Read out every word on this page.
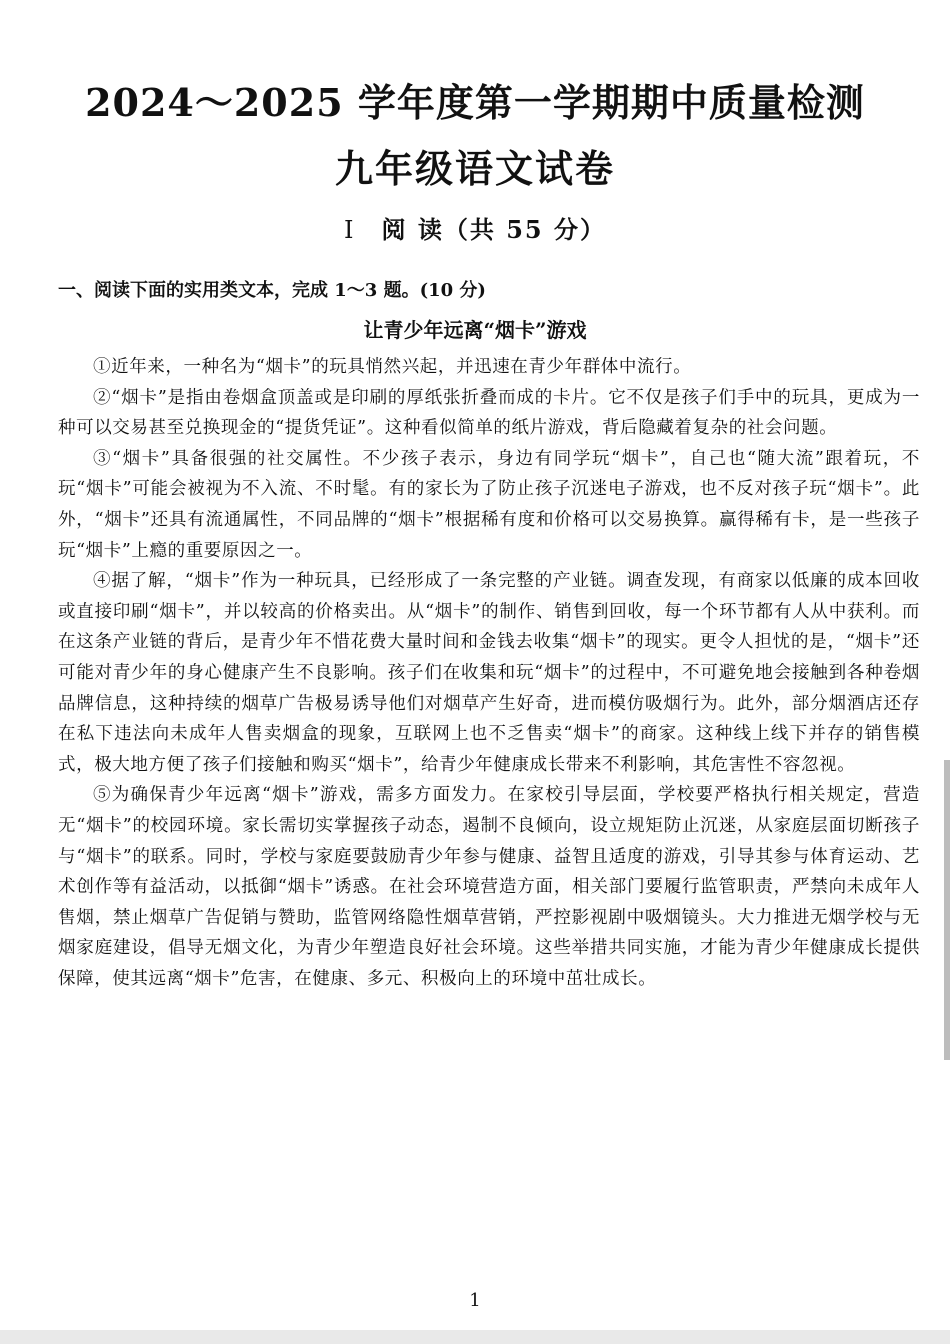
2024～2025 学年度第一学期期中质量检测
九年级语文试卷
Ⅰ 阅 读（共 55 分）
一、阅读下面的实用类文本，完成 1～3 题。(10 分)
让青少年远离“烟卡”游戏

①近年来，一种名为“烟卡”的玩具悄然兴起，并迅速在青少年群体中流行。

②“烟卡”是指由卷烟盒顶盖或是印刷的厚纸张折叠而成的卡片。它不仅是孩子们手中的玩具，更成为一种可以交易甚至兑换现金的“提货凭证”。这种看似简单的纸片游戏，背后隐藏着复杂的社会问题。

③“烟卡”具备很强的社交属性。不少孩子表示，身边有同学玩“烟卡”，自己也“随大流”跟着玩，不玩“烟卡”可能会被视为不入流、不时髦。有的家长为了防止孩子沉迷电子游戏，也不反对孩子玩“烟卡”。此外，“烟卡”还具有流通属性，不同品牌的“烟卡”根据稀有度和价格可以交易换算。赢得稀有卡，是一些孩子玩“烟卡”上瘾的重要原因之一。

④据了解，“烟卡”作为一种玩具，已经形成了一条完整的产业链。调查发现，有商家以低廉的成本回收或直接印刷“烟卡”，并以较高的价格卖出。从“烟卡”的制作、销售到回收，每一个环节都有人从中获利。而在这条产业链的背后，是青少年不惜花费大量时间和金钱去收集“烟卡”的现实。更令人担忧的是，“烟卡”还可能对青少年的身心健康产生不良影响。孩子们在收集和玩“烟卡”的过程中，不可避免地会接触到各种卷烟品牌信息，这种持续的烟草广告极易诱导他们对烟草产生好奇，进而模仿吸烟行为。此外，部分烟酒店还存在私下违法向未成年人售卖烟盒的现象，互联网上也不乏售卖“烟卡”的商家。这种线上线下并存的销售模式，极大地方便了孩子们接触和购买“烟卡”，给青少年健康成长带来不利影响，其危害性不容忽视。

⑤为确保青少年远离“烟卡”游戏，需多方面发力。在家校引导层面，学校要严格执行相关规定，营造无“烟卡”的校园环境。家长需切实掌握孩子动态，遏制不良倾向，设立规矩防止沉迷，从家庭层面切断孩子与“烟卡”的联系。同时，学校与家庭要鼓励青少年参与健康、益智且适度的游戏，引导其参与体育运动、艺术创作等有益活动，以抵御“烟卡”诱惑。在社会环境营造方面，相关部门要履行监管职责，严禁向未成年人售烟，禁止烟草广告促销与赞助，监管网络隐性烟草营销，严控影视剧中吸烟镜头。大力推进无烟学校与无烟家庭建设，倡导无烟文化，为青少年塑造良好社会环境。这些举措共同实施，才能为青少年健康成长提供保障，使其远离“烟卡”危害，在健康、多元、积极向上的环境中茁壮成长。

1
